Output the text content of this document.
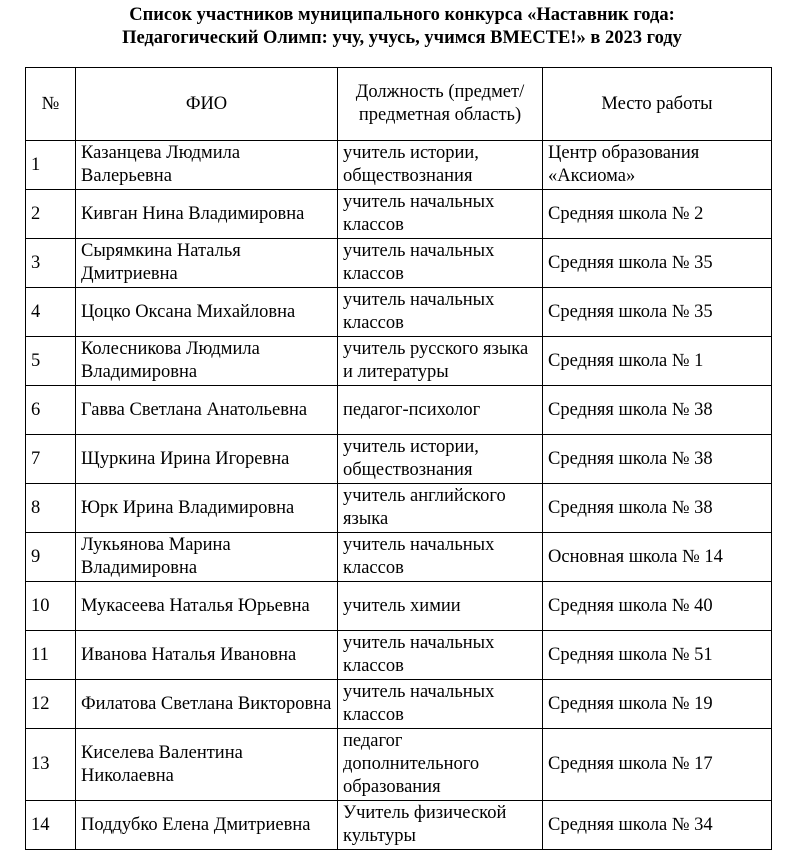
Список участников муниципального конкурса «Наставник года:
Педагогический Олимп: учу, учусь, учимся ВМЕСТЕ!» в 2023 году
№	ФИО	Должность (предмет/предметная область)	Место работы
1	Казанцева Людмила Валерьевна	учитель истории, обществознания	Центр образования «Аксиома»
2	Кивган Нина Владимировна	учитель начальных классов	Средняя школа № 2
3	Сырямкина Наталья Дмитриевна	учитель начальных классов	Средняя школа № 35
4	Цоцко Оксана Михайловна	учитель начальных классов	Средняя школа № 35
5	Колесникова Людмила Владимировна	учитель русского языка и литературы	Средняя школа № 1
6	Гавва Светлана Анатольевна	педагог-психолог	Средняя школа № 38
7	Щуркина Ирина Игоревна	учитель истории, обществознания	Средняя школа № 38
8	Юрк Ирина Владимировна	учитель английского языка	Средняя школа № 38
9	Лукьянова Марина Владимировна	учитель начальных классов	Основная школа № 14
10	Мукасеева Наталья Юрьевна	учитель химии	Средняя школа № 40
11	Иванова Наталья Ивановна	учитель начальных классов	Средняя школа № 51
12	Филатова Светлана Викторовна	учитель начальных классов	Средняя школа № 19
13	Киселева Валентина Николаевна	педагог дополнительного образования	Средняя школа № 17
14	Поддубко Елена Дмитриевна	Учитель физической культуры	Средняя школа № 34
